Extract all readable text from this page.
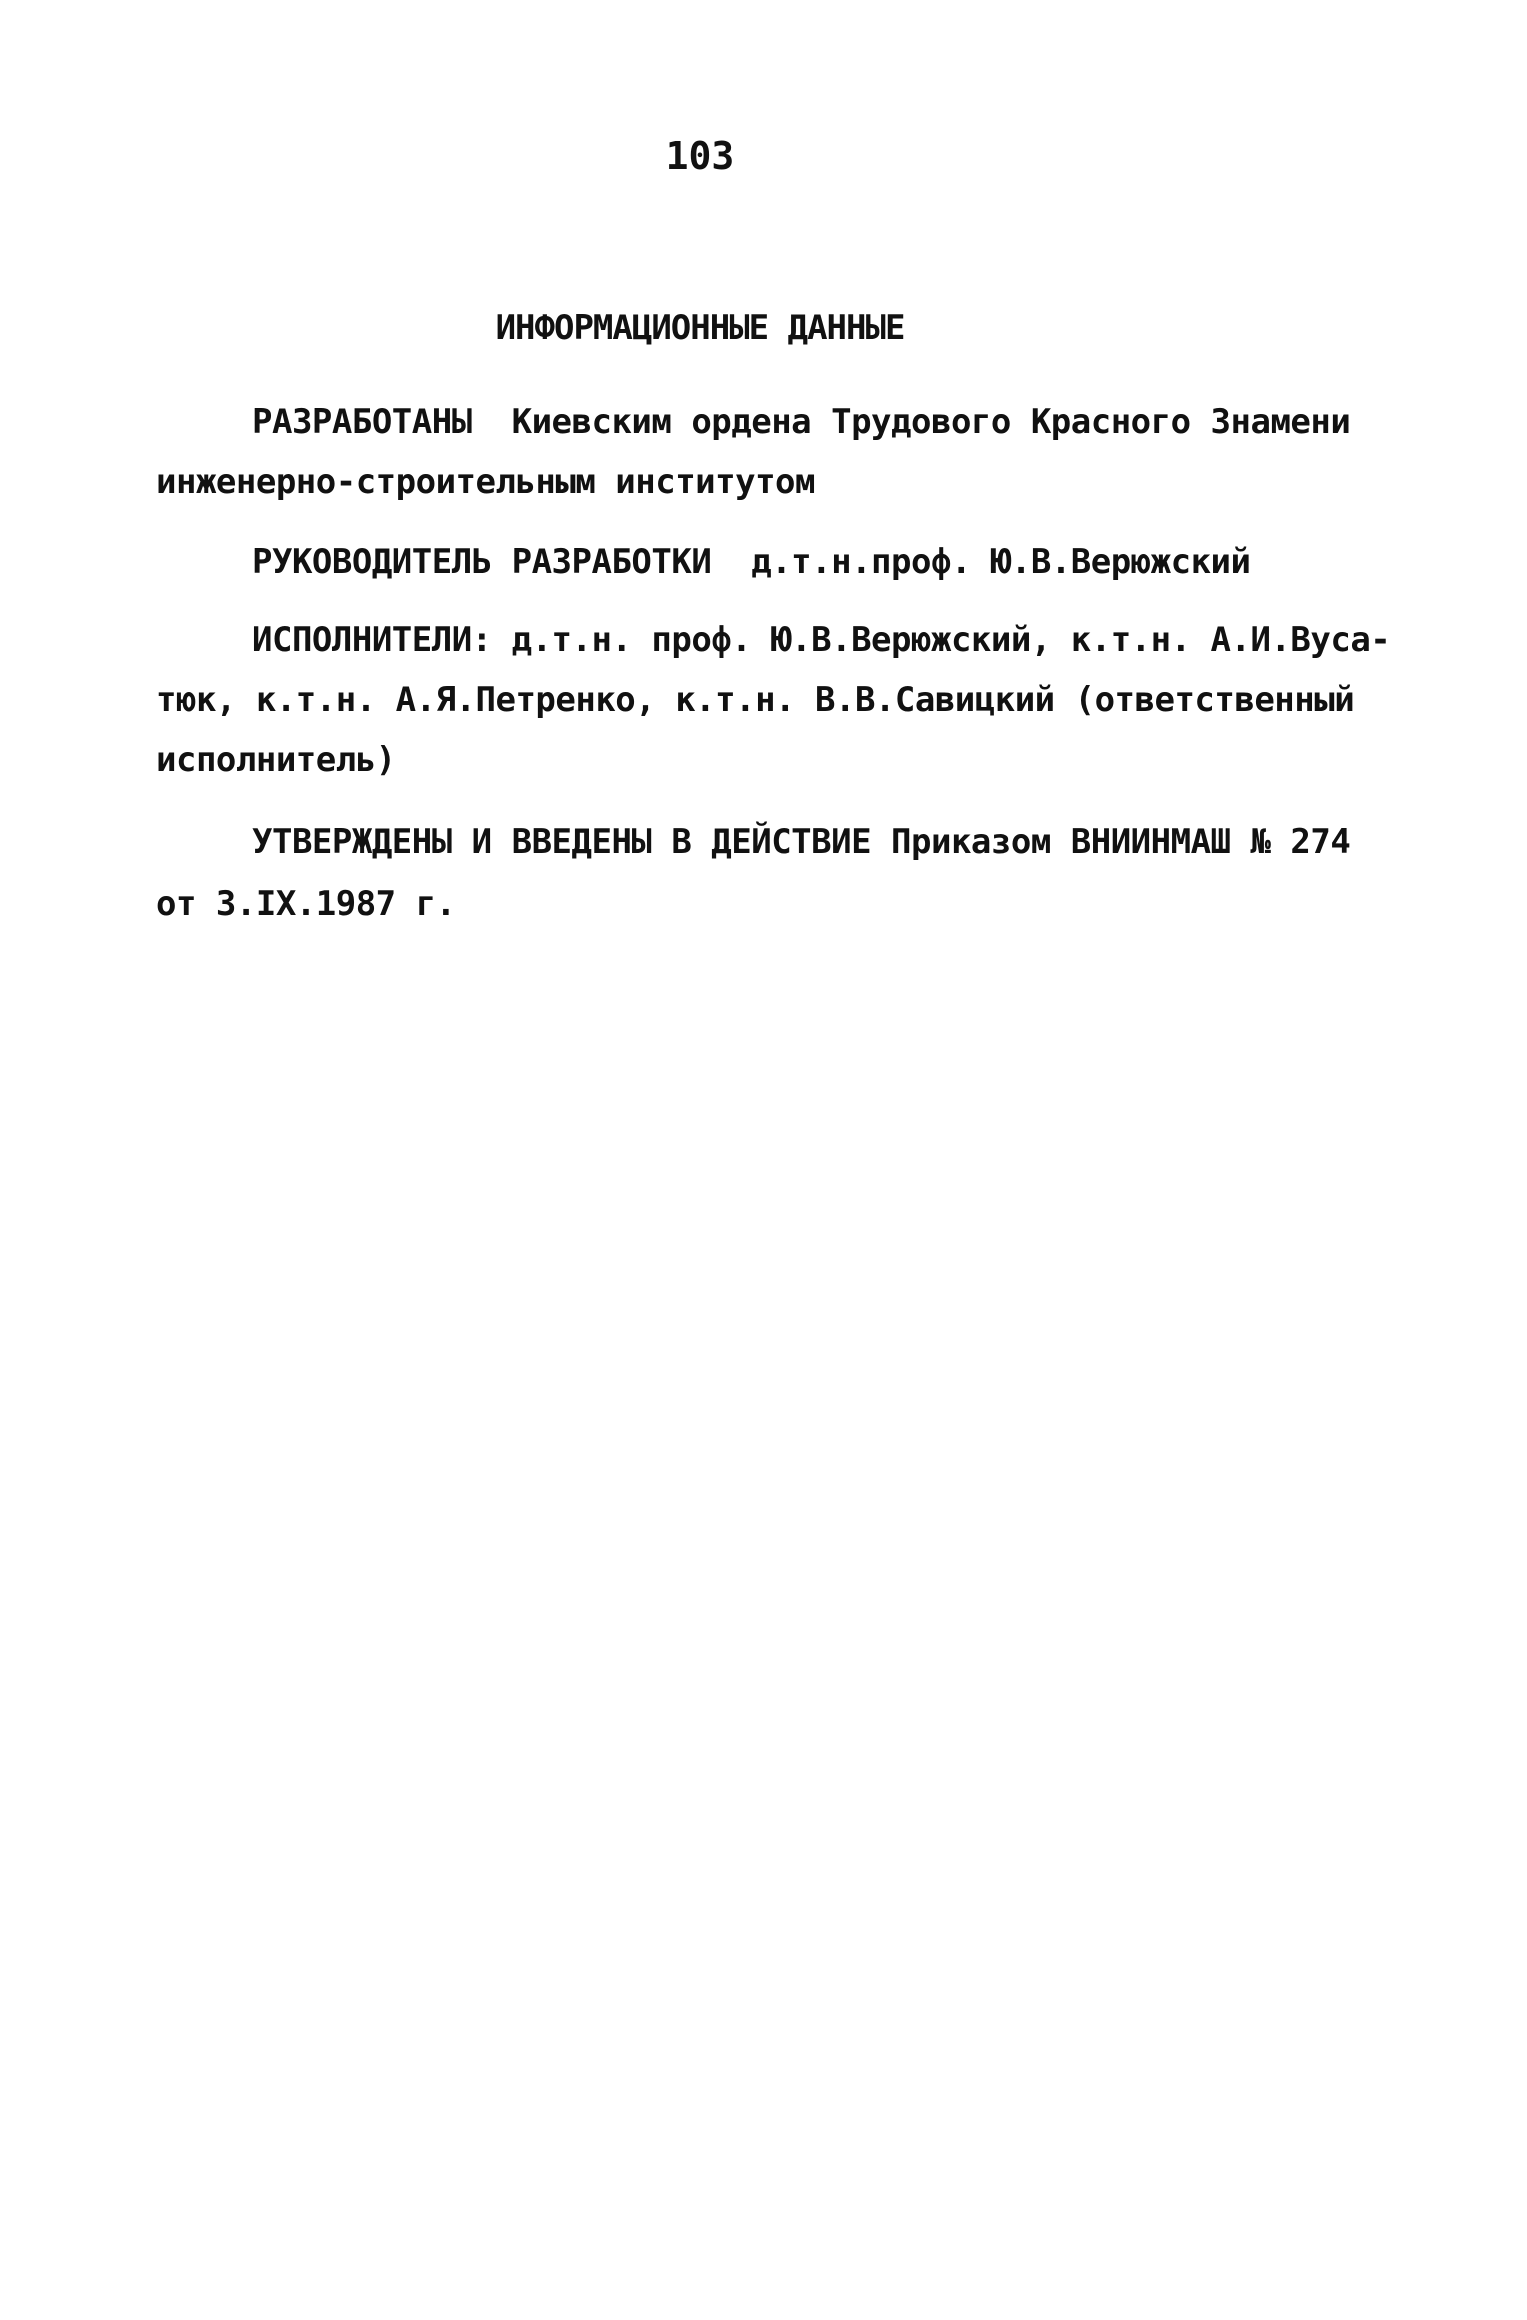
103
ИНФОРМАЦИОННЫЕ ДАННЫЕ
РАЗРАБОТАНЫ  Киевским ордена Трудового Красного Знамени
инженерно-строительным институтом
РУКОВОДИТЕЛЬ РАЗРАБОТКИ  д.т.н.проф. Ю.В.Верюжский
ИСПОЛНИТЕЛИ: д.т.н. проф. Ю.В.Верюжский, к.т.н. А.И.Вуса-
тюк, к.т.н. А.Я.Петренко, к.т.н. В.В.Савицкий (ответственный
исполнитель)
УТВЕРЖДЕНЫ И ВВЕДЕНЫ В ДЕЙСТВИЕ Приказом ВНИИНМАШ № 274
от 3.IX.1987 г.
